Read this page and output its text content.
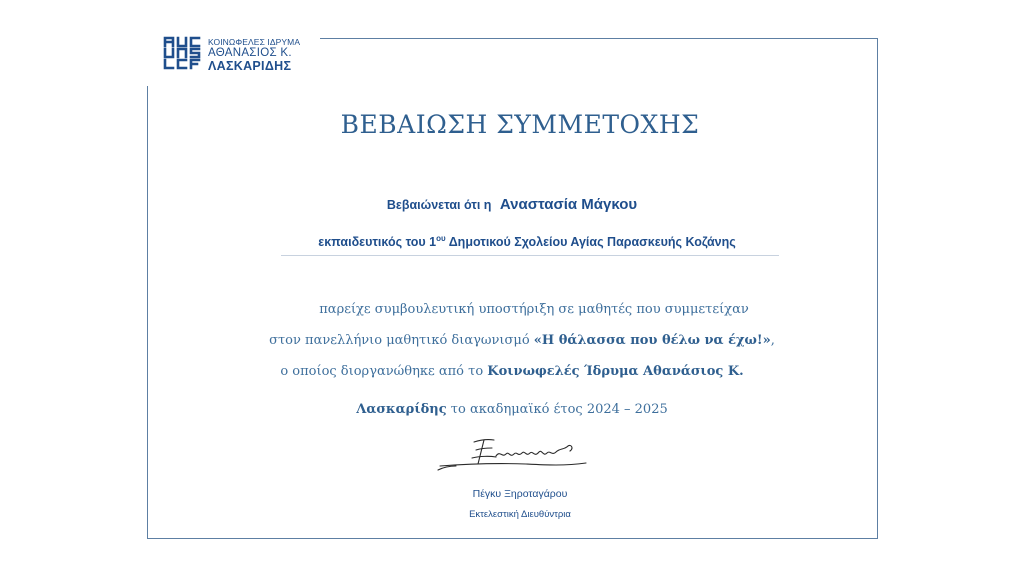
ΚΟΙΝΩΦΕΛΕΣ ΙΔΡΥΜΑ
ΑΘΑΝΑΣΙΟΣ Κ.
ΛΑΣΚΑΡΙΔΗΣ
ΒΕΒΑΙΩΣΗ ΣΥΜΜΕΤΟΧΗΣ
Βεβαιώνεται ότι η Αναστασία Μάγκου
εκπαιδευτικός του $1^{o\upsilon}$ Δημοτικού Σχολείου Αγίας Παρασκευής Κοζάνης
παρείχε συμβουλευτική υποστήριξη σε μαθητές που συμμετείχαν
στον πανελλήνιο μαθητικό διαγωνισμό «Η θάλασσα που θέλω να έχω!»,
ο οποίος διοργανώθηκε από το Κοινωφελές Ίδρυμα Αθανάσιος Κ.
Λασκαρίδης το ακαδημαϊκό έτος 2024 – 2025
Πέγκυ Ξηροταγάρου
Εκτελεστική Διευθύντρια
